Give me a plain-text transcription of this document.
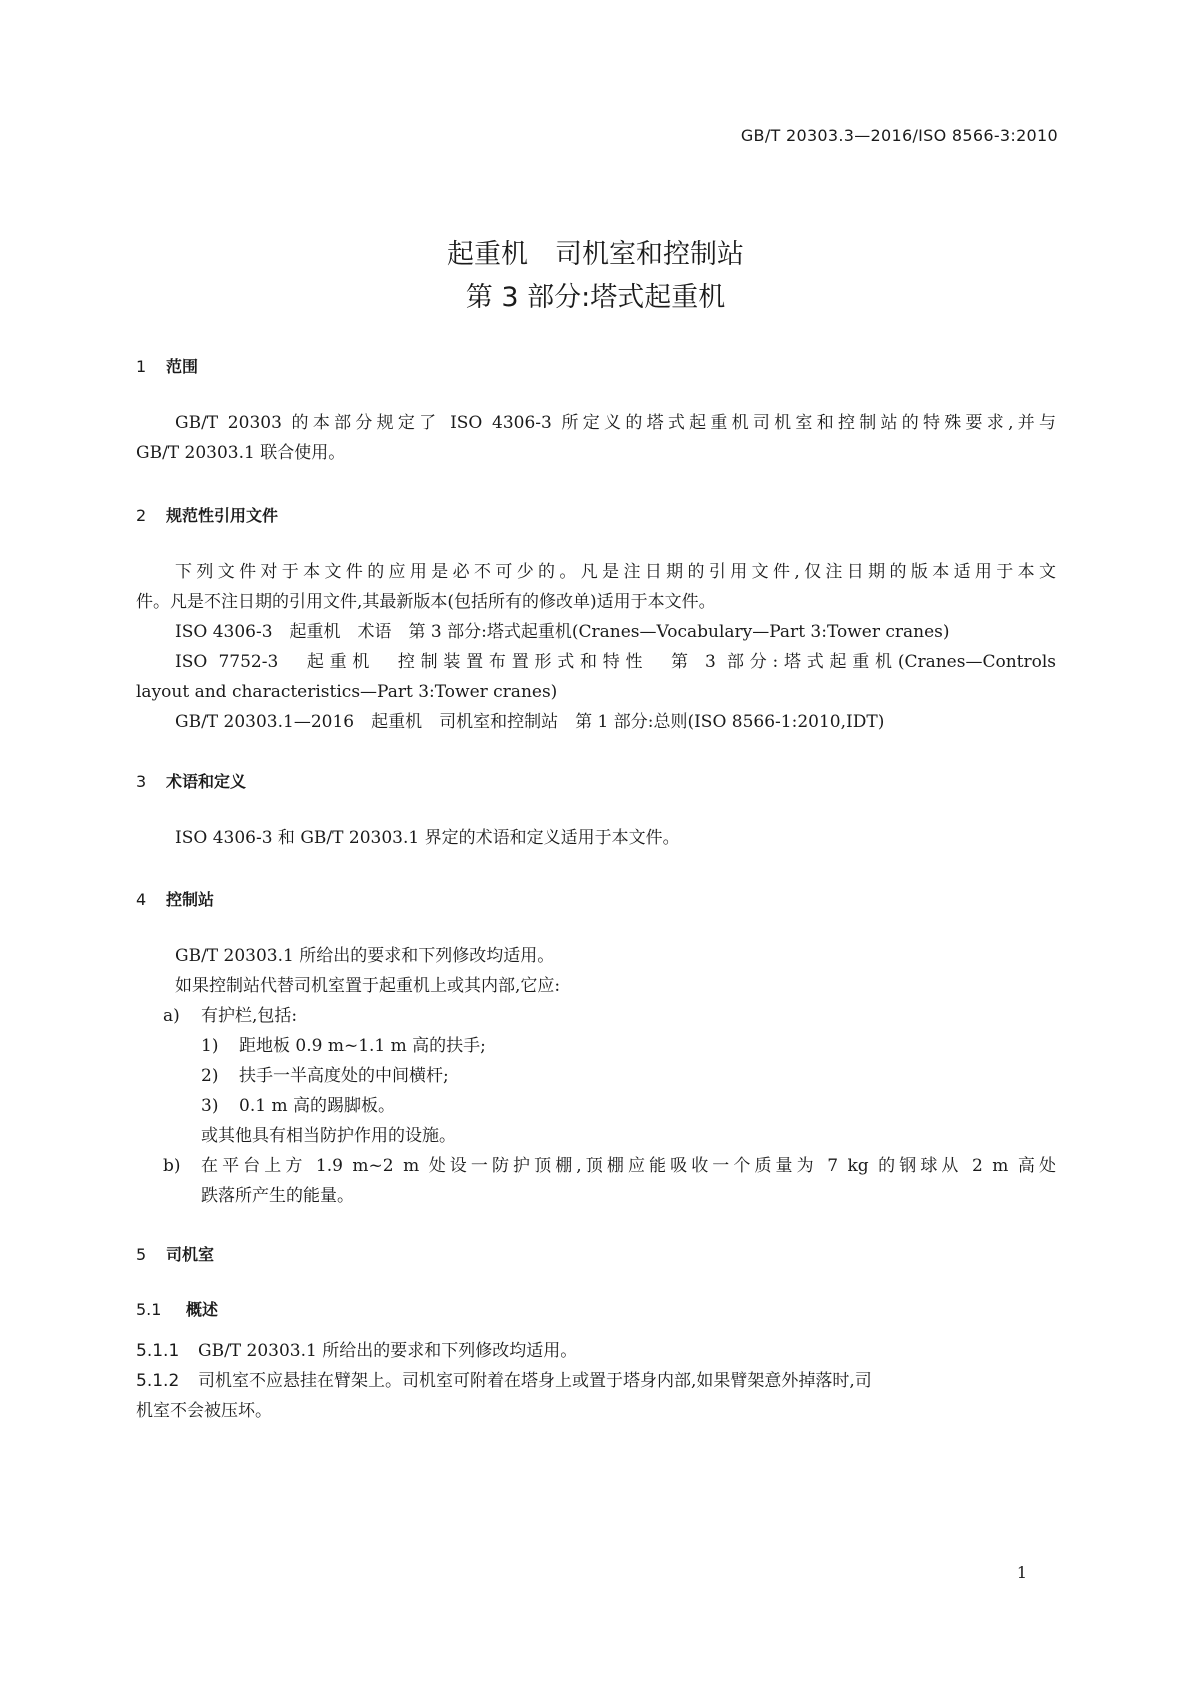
GB/T 20303.3—2016/ISO 8566-3:2010
起重机　司机室和控制站
第 3 部分:塔式起重机
1 范围
GB/T 20303 的本部分规定了 ISO 4306-3 所定义的塔式起重机司机室和控制站的特殊要求,并与
GB/T 20303.1 联合使用。
2 规范性引用文件
下列文件对于本文件的应用是必不可少的。凡是注日期的引用文件,仅注日期的版本适用于本文
件。凡是不注日期的引用文件,其最新版本(包括所有的修改单)适用于本文件。
ISO 4306-3　起重机　术语　第 3 部分:塔式起重机(Cranes—Vocabulary—Part 3:Tower cranes)
ISO 7752-3　起重机　控制装置布置形式和特性　第 3 部分:塔式起重机(Cranes—Controls
layout and characteristics—Part 3:Tower cranes)
GB/T 20303.1—2016　起重机　司机室和控制站　第 1 部分:总则(ISO 8566-1:2010,IDT)
3 术语和定义
ISO 4306-3 和 GB/T 20303.1 界定的术语和定义适用于本文件。
4 控制站
GB/T 20303.1 所给出的要求和下列修改均适用。
如果控制站代替司机室置于起重机上或其内部,它应:
a) 有护栏,包括:
1) 距地板 0.9 m~1.1 m 高的扶手;
2) 扶手一半高度处的中间横杆;
3) 0.1 m 高的踢脚板。
或其他具有相当防护作用的设施。
b) 在平台上方 1.9 m~2 m 处设一防护顶棚,顶棚应能吸收一个质量为 7 kg 的钢球从 2 m 高处
跌落所产生的能量。
5 司机室
5.1 概述
5.1.1 GB/T 20303.1 所给出的要求和下列修改均适用。
5.1.2 司机室不应悬挂在臂架上。司机室可附着在塔身上或置于塔身内部,如果臂架意外掉落时,司
机室不会被压坏。
1
